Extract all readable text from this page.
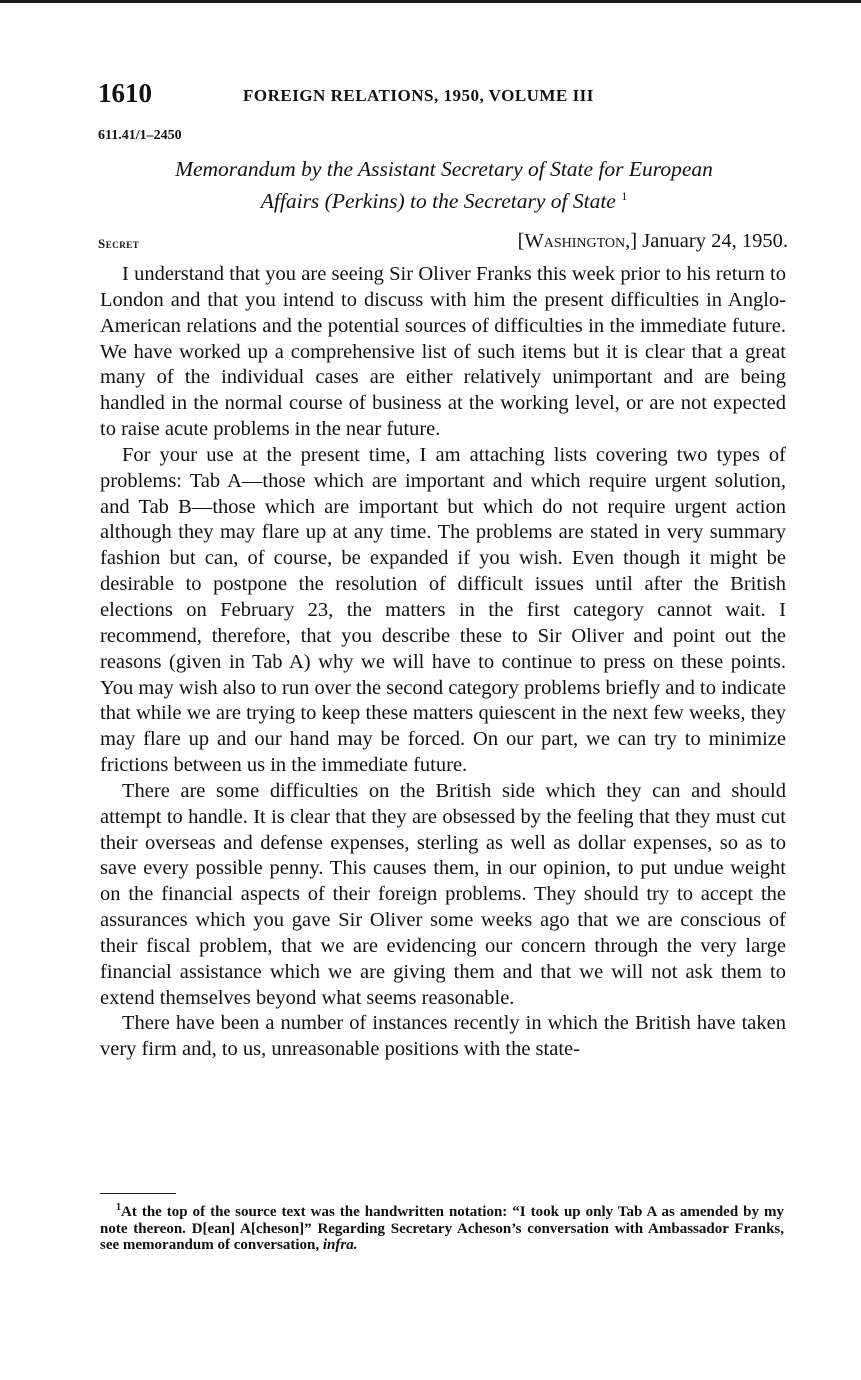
1610	FOREIGN RELATIONS, 1950, VOLUME III
611.41/1–2450
Memorandum by the Assistant Secretary of State for European
Affairs (Perkins) to the Secretary of State $^1$
Secret	[Washington,] January 24, 1950.

I understand that you are seeing Sir Oliver Franks this week prior to his return to London and that you intend to discuss with him the present difficulties in Anglo-American relations and the potential sources of difficulties in the immediate future. We have worked up a comprehensive list of such items but it is clear that a great many of the individual cases are either relatively unimportant and are being handled in the normal course of business at the working level, or are not expected to raise acute problems in the near future.

For your use at the present time, I am attaching lists covering two types of problems: Tab A—those which are important and which require urgent solution, and Tab B—those which are important but which do not require urgent action although they may flare up at any time. The problems are stated in very summary fashion but can, of course, be expanded if you wish. Even though it might be desirable to postpone the resolution of difficult issues until after the British elections on February 23, the matters in the first category cannot wait. I recommend, therefore, that you describe these to Sir Oliver and point out the reasons (given in Tab A) why we will have to continue to press on these points. You may wish also to run over the second category problems briefly and to indicate that while we are trying to keep these matters quiescent in the next few weeks, they may flare up and our hand may be forced. On our part, we can try to minimize frictions between us in the immediate future.

There are some difficulties on the British side which they can and should attempt to handle. It is clear that they are obsessed by the feeling that they must cut their overseas and defense expenses, sterling as well as dollar expenses, so as to save every possible penny. This causes them, in our opinion, to put undue weight on the financial aspects of their foreign problems. They should try to accept the assurances which you gave Sir Oliver some weeks ago that we are conscious of their fiscal problem, that we are evidencing our concern through the very large financial assistance which we are giving them and that we will not ask them to extend themselves beyond what seems reasonable.

There have been a number of instances recently in which the British have taken very firm and, to us, unreasonable positions with the state-

$^1$At the top of the source text was the handwritten notation: “I took up only Tab A as amended by my note thereon. D[ean] A[cheson]” Regarding Secretary Acheson’s conversation with Ambassador Franks, see memorandum of conversation, infra.
